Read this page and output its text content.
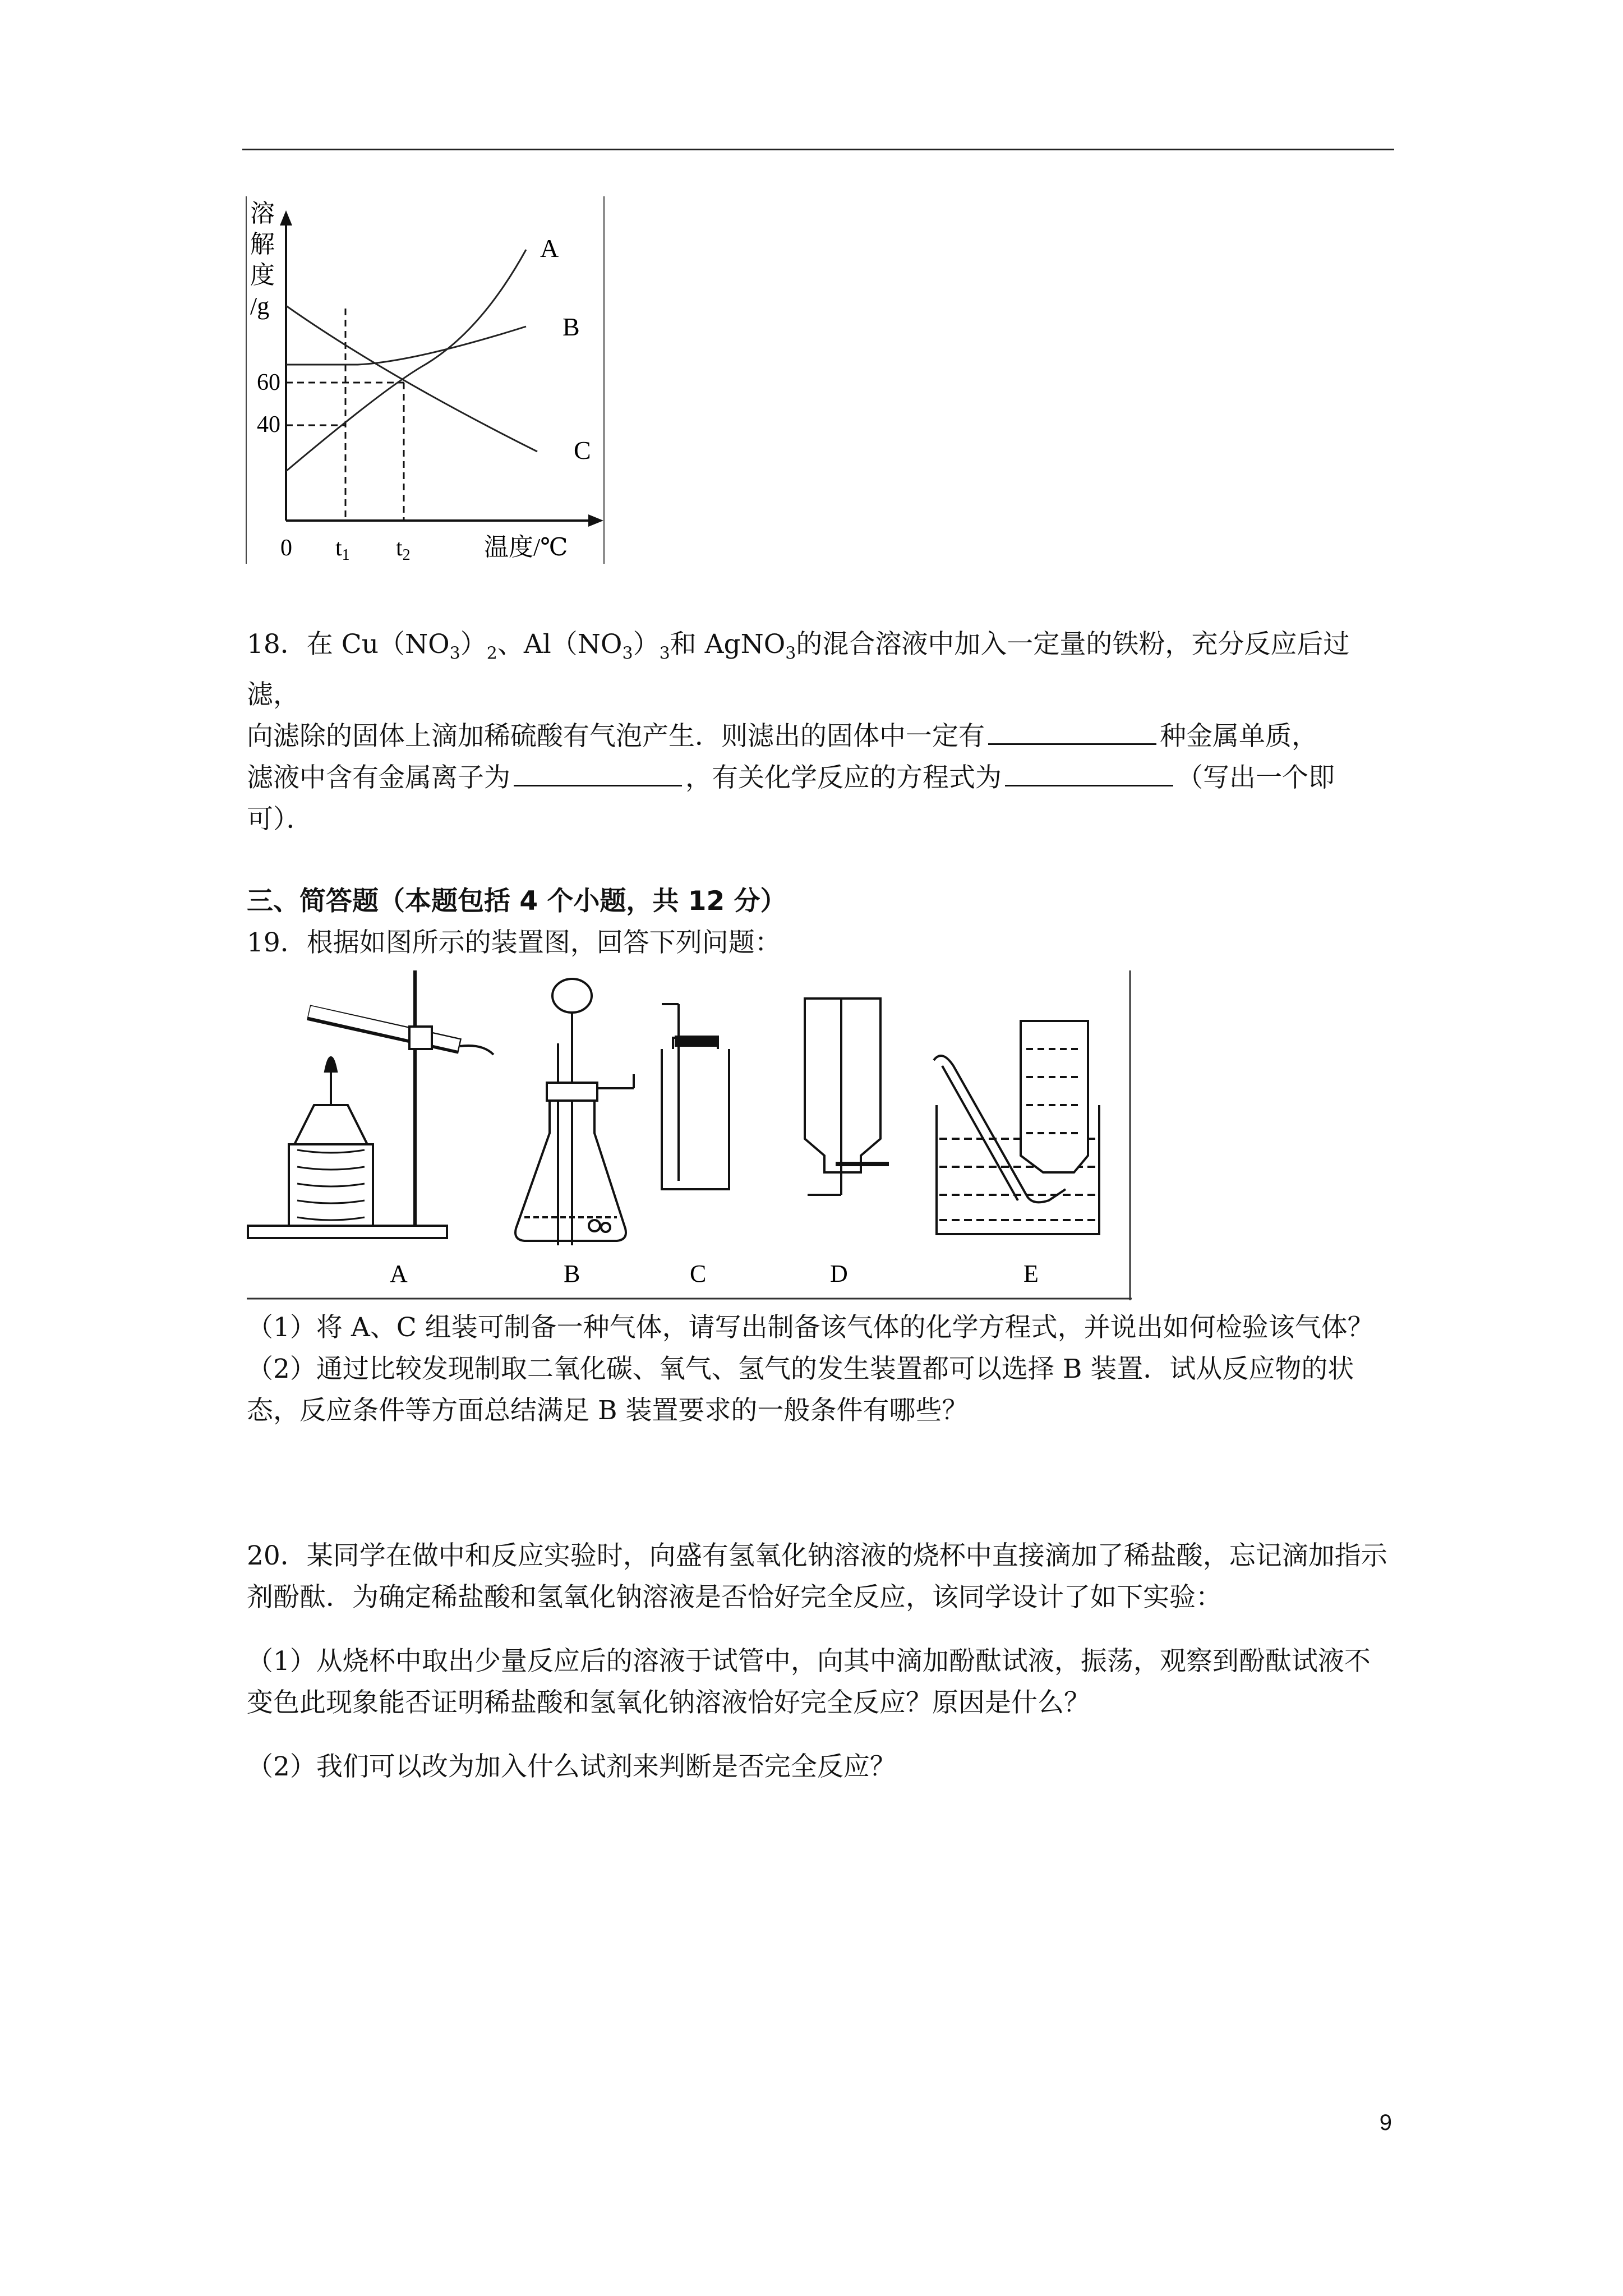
溶
解
度
/g
60
40
A
B
C
0 t1 t2	温度/℃

18．在 $Cu(NO_3)_2$、$Al(NO_3)_3$和 AgNO$_3$的混合溶液中加入一定量的铁粉，充分反应后过滤，

向滤除的固体上滴加稀硫酸有气泡产生．则滤出的固体中一定有	种金属单质，

滤液中含有金属离子为	，有关化学反应的方程式为	（写出一个即

可）．

三、简答题（本题包括 4 个小题，共 12 分）

19．根据如图所示的装置图，回答下列问题：

A	B	C	D	E

（1）将 A、C 组装可制备一种气体，请写出制备该气体的化学方程式，并说出如何检验该气体？

（2）通过比较发现制取二氧化碳、氧气、氢气的发生装置都可以选择 B 装置．试从反应物的状态，反应条件等方面总结满足 B 装置要求的一般条件有哪些？

20．某同学在做中和反应实验时，向盛有氢氧化钠溶液的烧杯中直接滴加了稀盐酸，忘记滴加指示剂酚酞．为确定稀盐酸和氢氧化钠溶液是否恰好完全反应，该同学设计了如下实验：

（1）从烧杯中取出少量反应后的溶液于试管中，向其中滴加酚酞试液，振荡，观察到酚酞试液不变色此现象能否证明稀盐酸和氢氧化钠溶液恰好完全反应？原因是什么？

（2）我们可以改为加入什么试剂来判断是否完全反应？

9
